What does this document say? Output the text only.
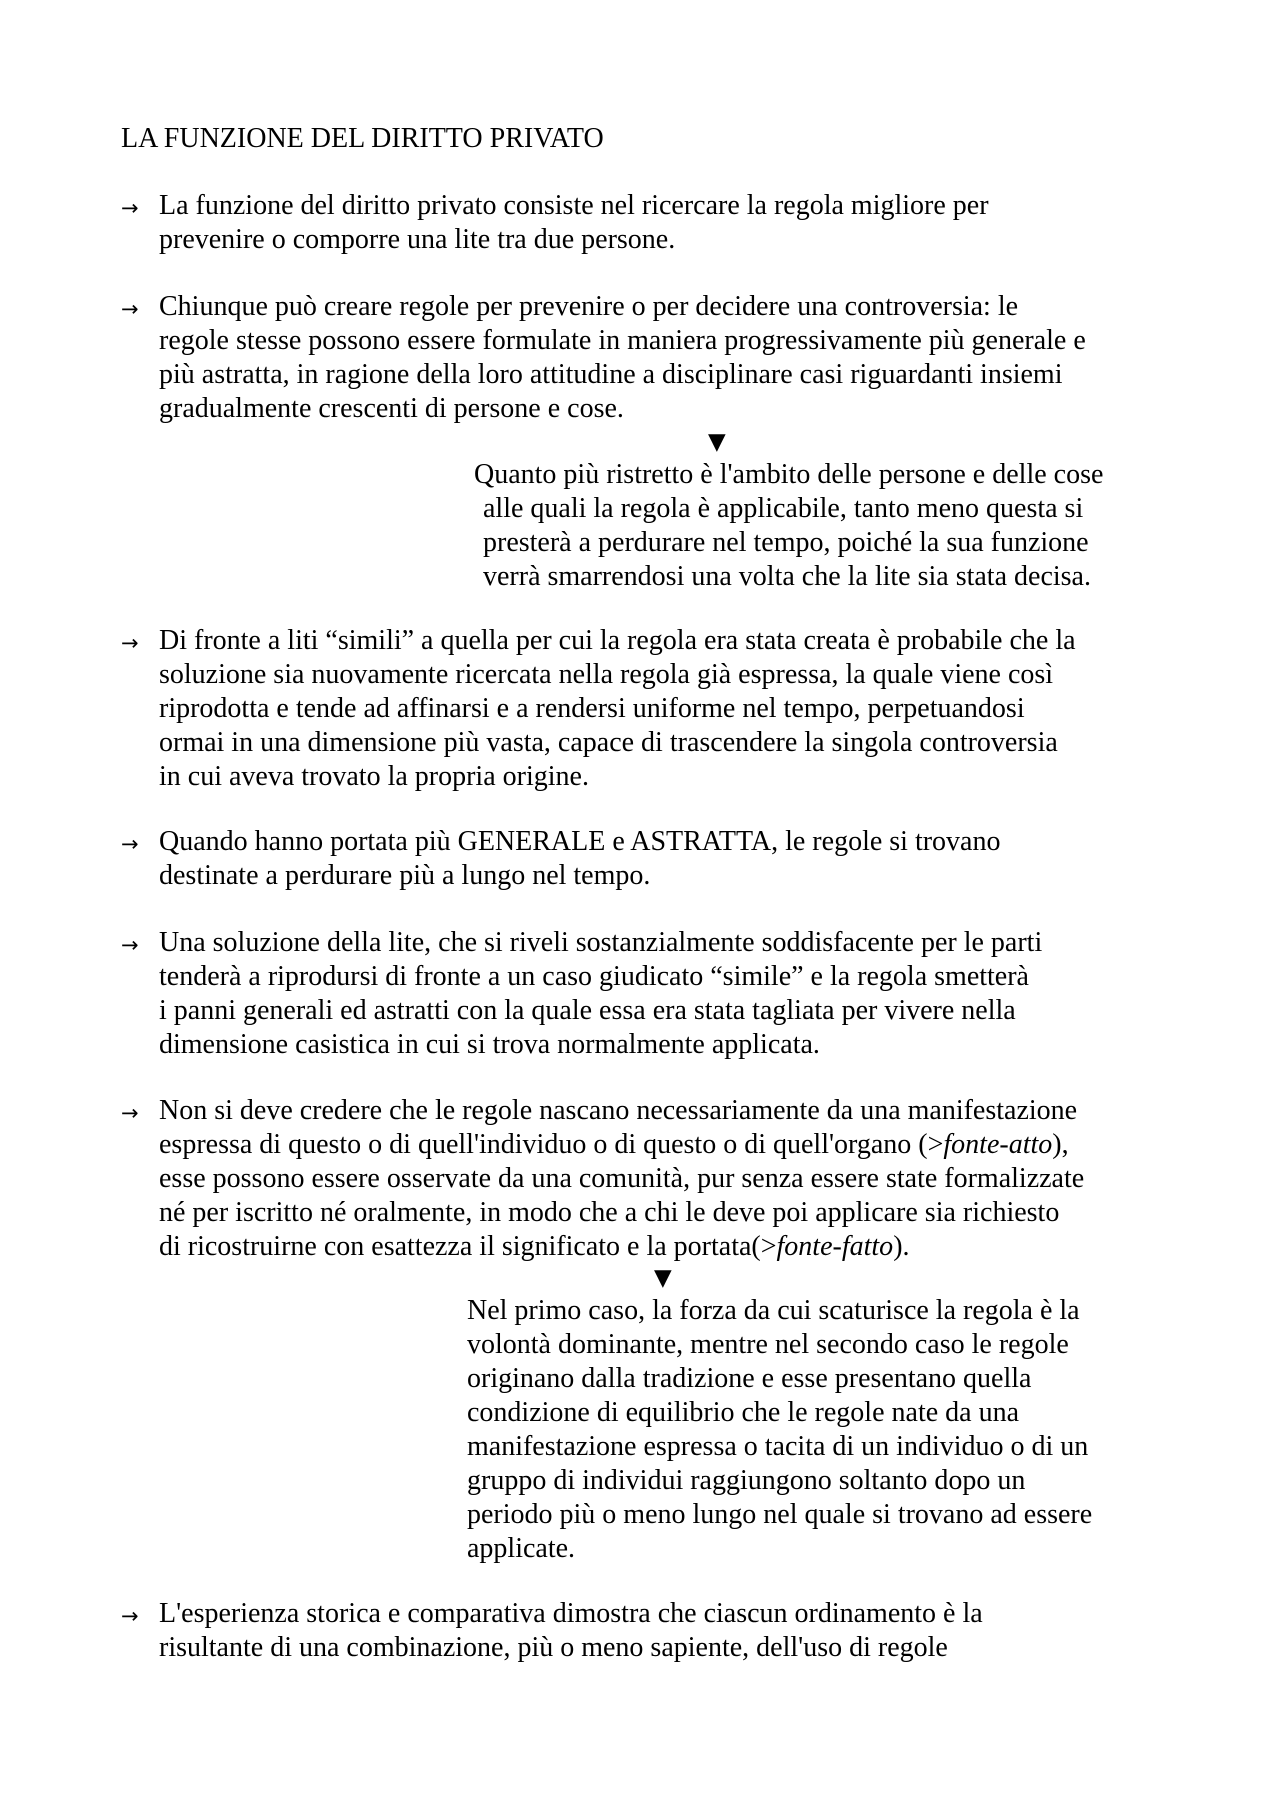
LA FUNZIONE DEL DIRITTO PRIVATO
→ La funzione del diritto privato consiste nel ricercare la regola migliore per
prevenire o comporre una lite tra due persone.
→ Chiunque può creare regole per prevenire o per decidere una controversia: le
regole stesse possono essere formulate in maniera progressivamente più generale e
più astratta, in ragione della loro attitudine a disciplinare casi riguardanti insiemi
gradualmente crescenti di persone e cose.
▼
Quanto più ristretto è l'ambito delle persone e delle cose
alle quali la regola è applicabile, tanto meno questa si
presterà a perdurare nel tempo, poiché la sua funzione
verrà smarrendosi una volta che la lite sia stata decisa.
→ Di fronte a liti “simili” a quella per cui la regola era stata creata è probabile che la
soluzione sia nuovamente ricercata nella regola già espressa, la quale viene così
riprodotta e tende ad affinarsi e a rendersi uniforme nel tempo, perpetuandosi
ormai in una dimensione più vasta, capace di trascendere la singola controversia
in cui aveva trovato la propria origine.
→ Quando hanno portata più GENERALE e ASTRATTA, le regole si trovano
destinate a perdurare più a lungo nel tempo.
→ Una soluzione della lite, che si riveli sostanzialmente soddisfacente per le parti
tenderà a riprodursi di fronte a un caso giudicato “simile” e la regola smetterà
i panni generali ed astratti con la quale essa era stata tagliata per vivere nella
dimensione casistica in cui si trova normalmente applicata.
→ Non si deve credere che le regole nascano necessariamente da una manifestazione
espressa di questo o di quell'individuo o di questo o di quell'organo (>fonte-atto),
esse possono essere osservate da una comunità, pur senza essere state formalizzate
né per iscritto né oralmente, in modo che a chi le deve poi applicare sia richiesto
di ricostruirne con esattezza il significato e la portata(>fonte-fatto).
▼
Nel primo caso, la forza da cui scaturisce la regola è la
volontà dominante, mentre nel secondo caso le regole
originano dalla tradizione e esse presentano quella
condizione di equilibrio che le regole nate da una
manifestazione espressa o tacita di un individuo o di un
gruppo di individui raggiungono soltanto dopo un
periodo più o meno lungo nel quale si trovano ad essere
applicate.
→ L'esperienza storica e comparativa dimostra che ciascun ordinamento è la
risultante di una combinazione, più o meno sapiente, dell'uso di regole
